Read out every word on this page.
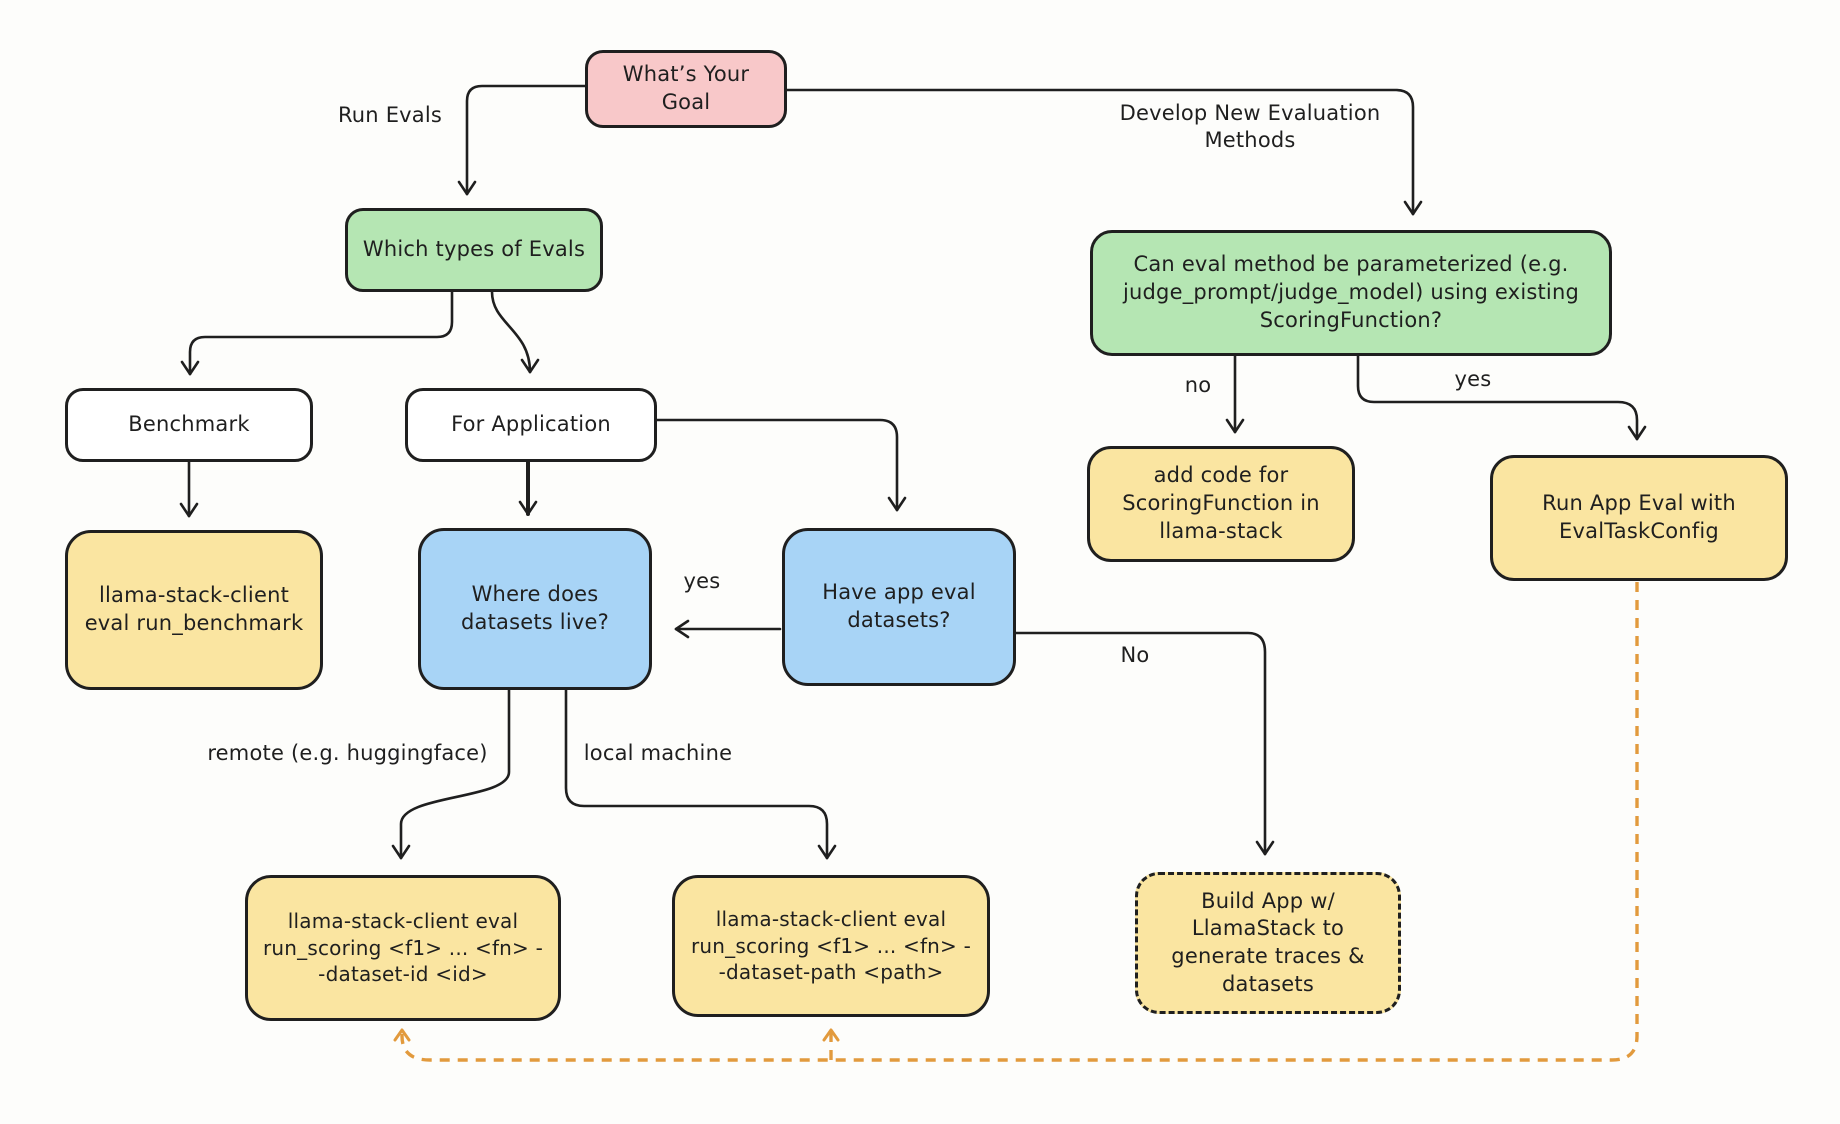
What’s Your Goal
Which types of Evals
Benchmark	For Application
llama-stack-client eval run_benchmark
Where does datasets live?
Have app eval datasets?
Can eval method be parameterized (e.g. judge_prompt/judge_model) using existing ScoringFunction?
add code for ScoringFunction in llama-stack
Run App Eval with EvalTaskConfig
llama-stack-client eval run_scoring <f1> ... <fn> --dataset-id <id>
llama-stack-client eval run_scoring <f1> ... <fn> --dataset-path <path>
Build App w/ LlamaStack to generate traces & datasets
Run Evals	Develop New Evaluation Methods
no	yes
yes
No
remote (e.g. huggingface)	local machine
